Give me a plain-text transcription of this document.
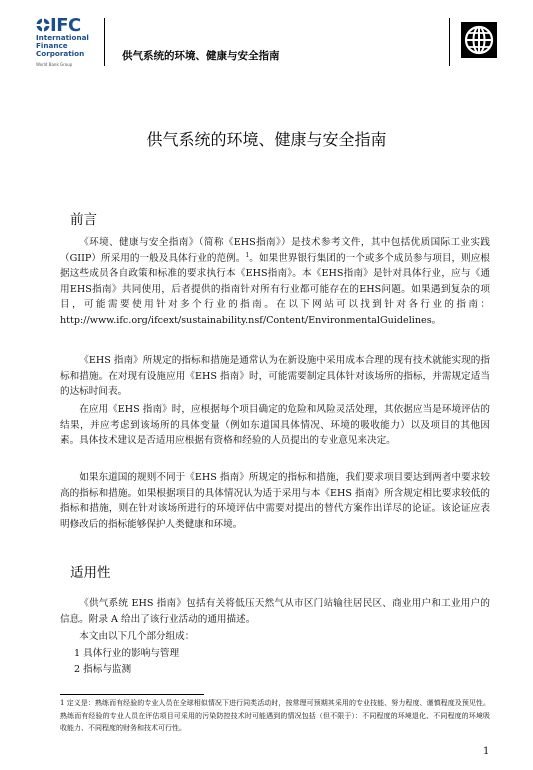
IFC
International
Finance
Corporation
World Bank Group
供气系统的环境、健康与安全指南
供气系统的环境、健康与安全指南
前言

《环境、健康与安全指南》（简称《EHS指南》）是技术参考文件，其中包括优质国际工业实践（GIIP）所采用的一般及具体行业的范例。$^1$。如果世界银行集团的一个或多个成员参与项目，则应根据这些成员各自政策和标准的要求执行本《EHS指南》。本《EHS指南》是针对具体行业，应与《通用EHS指南》共同使用，后者提供的指南针对所有行业都可能存在的EHS问题。如果遇到复杂的项目，可能需要使用针对多个行业的指南。在以下网站可以找到针对各行业的指南：http://www.ifc.org/ifcext/sustainability.nsf/Content/EnvironmentalGuidelines。

《EHS 指南》所规定的指标和措施是通常认为在新设施中采用成本合理的现有技术就能实现的指标和措施。在对现有设施应用《EHS 指南》时，可能需要制定具体针对该场所的指标，并需规定适当的达标时间表。

在应用《EHS 指南》时，应根据每个项目确定的危险和风险灵活处理，其依据应当是环境评估的结果，并应考虑到该场所的具体变量（例如东道国具体情况、环境的吸收能力）以及项目的其他因素。具体技术建议是否适用应根据有资格和经验的人员提出的专业意见来决定。

如果东道国的规则不同于《EHS 指南》所规定的指标和措施，我们要求项目要达到两者中要求较高的指标和措施。如果根据项目的具体情况认为适于采用与本《EHS 指南》所含规定相比要求较低的指标和措施，则在针对该场所进行的环境评估中需要对提出的替代方案作出详尽的论证。该论证应表明修改后的指标能够保护人类健康和环境。

适用性

《供气系统 EHS 指南》包括有关将低压天然气从市区门站输往居民区、商业用户和工业用户的信息。附录 A 给出了该行业活动的通用描述。

本文由以下几个部分组成：

1 具体行业的影响与管理
2 指标与监测

1 定义是：熟练而有经验的专业人员在全球相似情况下进行同类活动时，按常理可预期其采用的专业技能、努力程度、谨慎程度及预见性。熟练而有经验的专业人员在评估项目可采用的污染防控技术时可能遇到的情况包括（但不限于）：不同程度的环境退化、不同程度的环境吸收能力、不同程度的财务和技术可行性。

1
